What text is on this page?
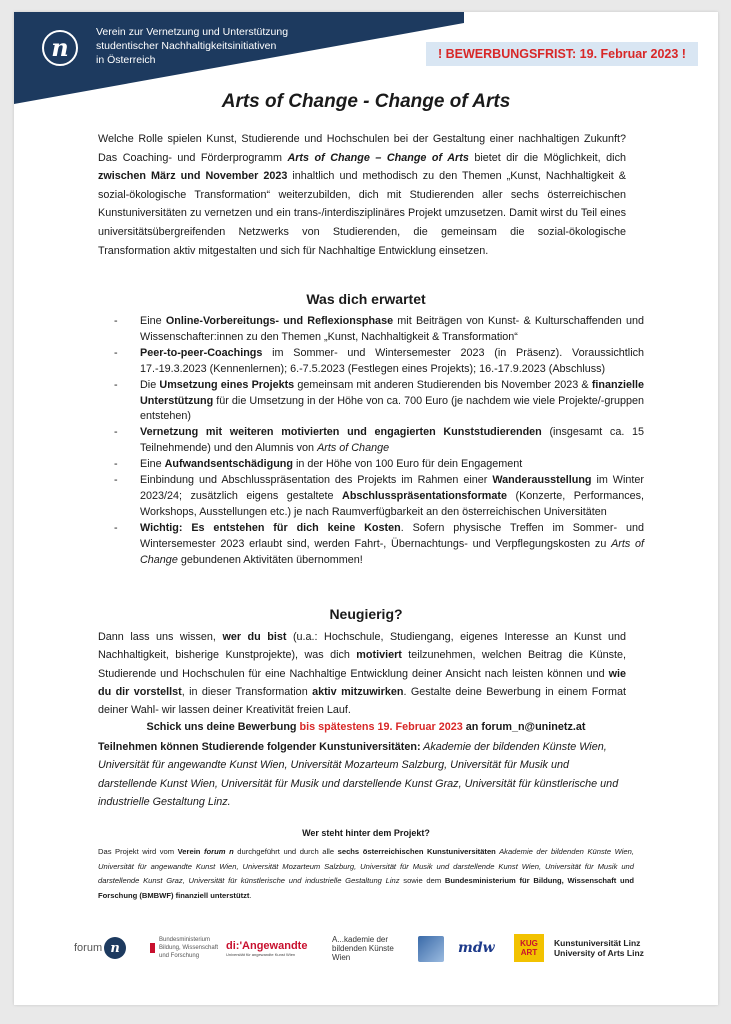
n
Verein zur Vernetzung und Unterstützung
studentischer Nachhaltigkeitsinitiativen
in Österreich	! BEWERBUNGSFRIST: 19. Februar 2023 !
Arts of Change - Change of Arts
Welche Rolle spielen Kunst, Studierende und Hochschulen bei der Gestaltung einer nachhaltigen Zukunft? Das Coaching- und Förderprogramm Arts of Change – Change of Arts bietet dir die Möglichkeit, dich zwischen März und November 2023 inhaltlich und methodisch zu den Themen „Kunst, Nachhaltigkeit & sozial-ökologische Transformation“ weiterzubilden, dich mit Studierenden aller sechs österreichischen Kunstuniversitäten zu vernetzen und ein trans-/interdisziplinäres Projekt umzusetzen. Damit wirst du Teil eines universitätsübergreifenden Netzwerks von Studierenden, die gemeinsam die sozial-ökologische Transformation aktiv mitgestalten und sich für Nachhaltige Entwicklung einsetzen.
Was dich erwartet
- Eine Online-Vorbereitungs- und Reflexionsphase mit Beiträgen von Kunst- & Kulturschaffenden und Wissenschafter:innen zu den Themen „Kunst, Nachhaltigkeit & Transformation“
- Peer-to-peer-Coachings im Sommer- und Wintersemester 2023 (in Präsenz). Voraussichtlich 17.-19.3.2023 (Kennenlernen); 6.-7.5.2023 (Festlegen eines Projekts); 16.-17.9.2023 (Abschluss)
- Die Umsetzung eines Projekts gemeinsam mit anderen Studierenden bis November 2023 & finanzielle Unterstützung für die Umsetzung in der Höhe von ca. 700 Euro (je nachdem wie viele Projekte/-gruppen entstehen)
- Vernetzung mit weiteren motivierten und engagierten Kunststudierenden (insgesamt ca. 15 Teilnehmende) und den Alumnis von Arts of Change
- Eine Aufwandsentschädigung in der Höhe von 100 Euro für dein Engagement
- Einbindung und Abschlusspräsentation des Projekts im Rahmen einer Wanderausstellung im Winter 2023/24; zusätzlich eigens gestaltete Abschlusspräsentationsformate (Konzerte, Performances, Workshops, Ausstellungen etc.) je nach Raumverfügbarkeit an den österreichischen Universitäten
- Wichtig: Es entstehen für dich keine Kosten. Sofern physische Treffen im Sommer- und Wintersemester 2023 erlaubt sind, werden Fahrt-, Übernachtungs- und Verpflegungskosten zu Arts of Change gebundenen Aktivitäten übernommen!
Neugierig?
Dann lass uns wissen, wer du bist (u.a.: Hochschule, Studiengang, eigenes Interesse an Kunst und Nachhaltigkeit, bisherige Kunstprojekte), was dich motiviert teilzunehmen, welchen Beitrag die Künste, Studierende und Hochschulen für eine Nachhaltige Entwicklung deiner Ansicht nach leisten können und wie du dir vorstellst, in dieser Transformation aktiv mitzuwirken. Gestalte deine Bewerbung in einem Format deiner Wahl- wir lassen deiner Kreativität freien Lauf.
Schick uns deine Bewerbung bis spätestens 19. Februar 2023 an forum_n@uninetz.at
Teilnehmen können Studierende folgender Kunstuniversitäten: Akademie der bildenden Künste Wien, Universität für angewandte Kunst Wien, Universität Mozarteum Salzburg, Universität für Musik und darstellende Kunst Wien, Universität für Musik und darstellende Kunst Graz, Universität für künstlerische und industrielle Gestaltung Linz.
Wer steht hinter dem Projekt?
Das Projekt wird vom Verein forum n durchgeführt und durch alle sechs österreichischen Kunstuniversitäten Akademie der bildenden Künste Wien, Universität für angewandte Kunst Wien, Universität Mozarteum Salzburg, Universität für Musik und darstellende Kunst Wien, Universität für Musik und darstellende Kunst Graz, Universität für künstlerische und industrielle Gestaltung Linz sowie dem Bundesministerium für Bildung, Wissenschaft und Forschung (BMBWF) finanziell unterstützt.
forum n
Bundesministerium
Bildung, Wissenschaft
und Forschung
di:'Angewandte
Universität für angewandte Kunst Wien
A...kademie der
bildenden Künste
Wien
mdw	KUG
ART
Kunstuniversität Linz
University of Arts Linz
